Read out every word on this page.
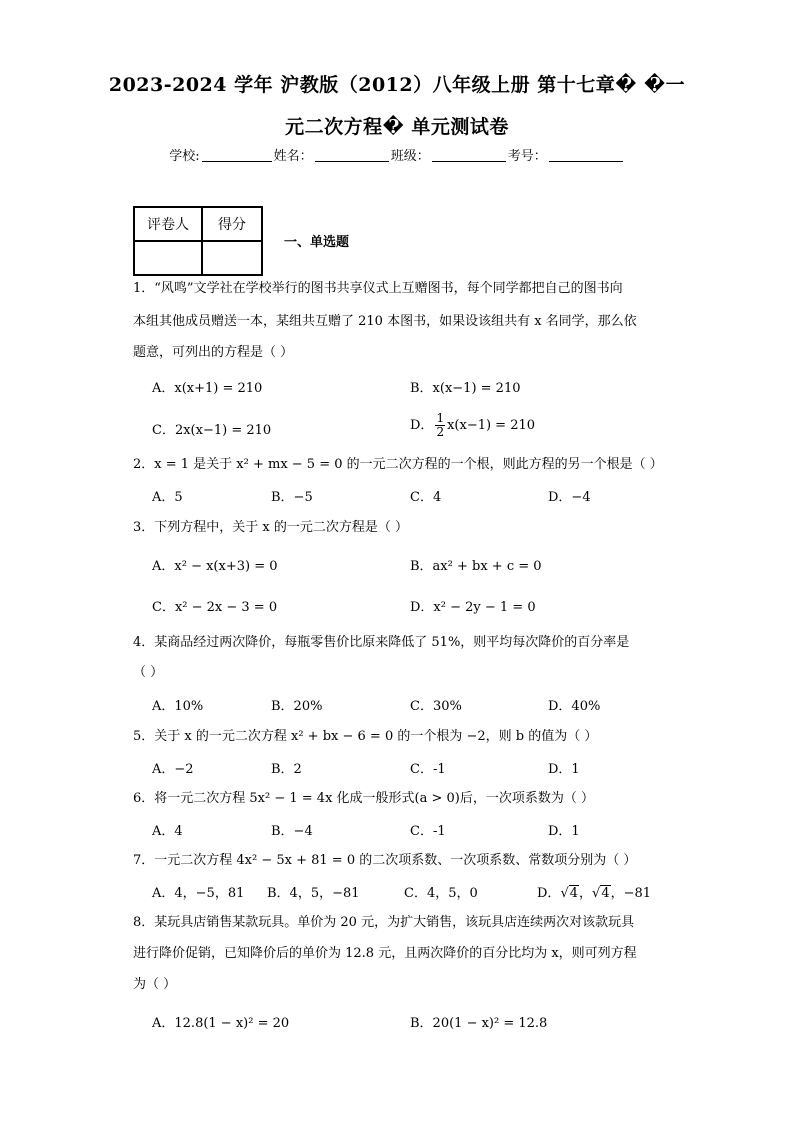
2023-2024 学年 沪教版（2012）八年级上册 第十七章� �一
元二次方程� 单元测试卷
学校:	姓名：	班级：	考号：
评卷人	得分

一、单选题
1．“风鸣”文学社在学校举行的图书共享仪式上互赠图书，每个同学都把自己的图书向
本组其他成员赠送一本，某组共互赠了 210 本图书，如果设该组共有 x 名同学，那么依
题意，可列出的方程是（ ）
A．x(x+1) = 210	B．x(x−1) = 210
C．2x(x−1) = 210	D． $\frac{1}{2} x(x-1) = 210$
2．x = 1 是关于 x² + mx − 5 = 0 的一元二次方程的一个根，则此方程的另一个根是（ ）
A．5	B．−5	C．4	D．−4
3．下列方程中，关于 x 的一元二次方程是（ ）
A．x² − x(x+3) = 0	B．ax² + bx + c = 0
C．x² − 2x − 3 = 0	D．x² − 2y − 1 = 0
4．某商品经过两次降价，每瓶零售价比原来降低了 51%，则平均每次降价的百分率是
（ ）
A．10%	B．20%	C．30%	D．40%
5．关于 x 的一元二次方程 x² + bx − 6 = 0 的一个根为 −2，则 b 的值为（ ）
A．−2	B．2	C．-1	D．1
6．将一元二次方程 5x² − 1 = 4x 化成一般形式(a > 0)后，一次项系数为（ ）
A．4	B．−4	C．-1	D．1
7．一元二次方程 4x² − 5x + 81 = 0 的二次项系数、一次项系数、常数项分别为（ ）
A．4，−5，81 B．4，5，−81	C．4，5，0	D．√4，√4，−81
8．某玩具店销售某款玩具。单价为 20 元，为扩大销售，该玩具店连续两次对该款玩具
进行降价促销，已知降价后的单价为 12.8 元，且两次降价的百分比均为 x，则可列方程
为（ ）
A．12.8(1 − x)² = 20	B．20(1 − x)² = 12.8
